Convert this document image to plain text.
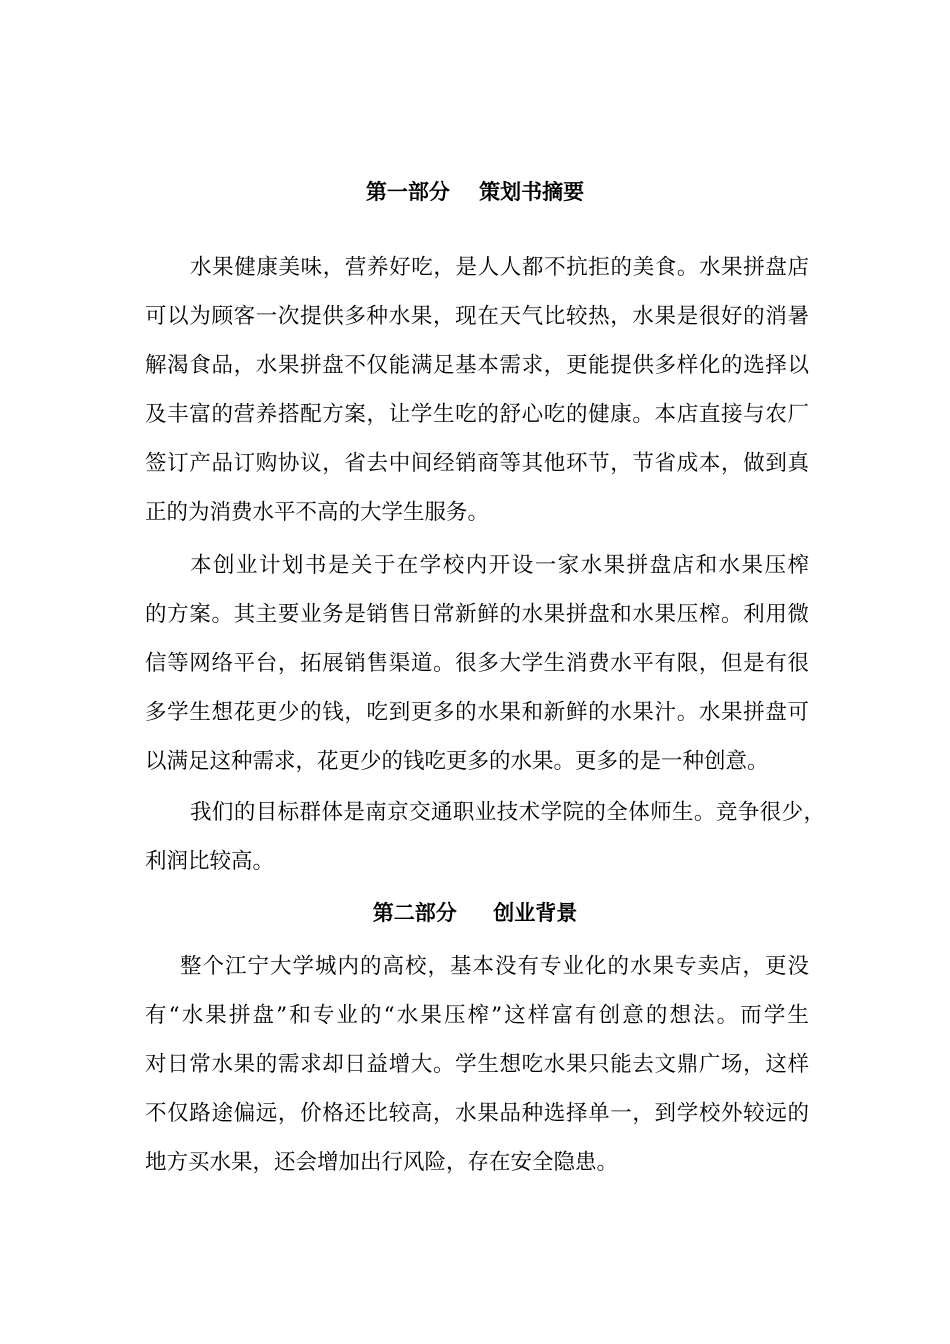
第一部分    策划书摘要
水果健康美味，营养好吃，是人人都不抗拒的美食。水果拼盘店
可以为顾客一次提供多种水果，现在天气比较热，水果是很好的消暑
解渴食品，水果拼盘不仅能满足基本需求，更能提供多样化的选择以
及丰富的营养搭配方案，让学生吃的舒心吃的健康。本店直接与农厂
签订产品订购协议，省去中间经销商等其他环节，节省成本，做到真
正的为消费水平不高的大学生服务。
本创业计划书是关于在学校内开设一家水果拼盘店和水果压榨
的方案。其主要业务是销售日常新鲜的水果拼盘和水果压榨。利用微
信等网络平台，拓展销售渠道。很多大学生消费水平有限，但是有很
多学生想花更少的钱，吃到更多的水果和新鲜的水果汁。水果拼盘可
以满足这种需求，花更少的钱吃更多的水果。更多的是一种创意。
我们的目标群体是南京交通职业技术学院的全体师生。竞争很少，
利润比较高。
第二部分     创业背景
整个江宁大学城内的高校，基本没有专业化的水果专卖店，更没
有“水果拼盘”和专业的“水果压榨”这样富有创意的想法。而学生
对日常水果的需求却日益增大。学生想吃水果只能去文鼎广场，这样
不仅路途偏远，价格还比较高，水果品种选择单一，到学校外较远的
地方买水果，还会增加出行风险，存在安全隐患。
